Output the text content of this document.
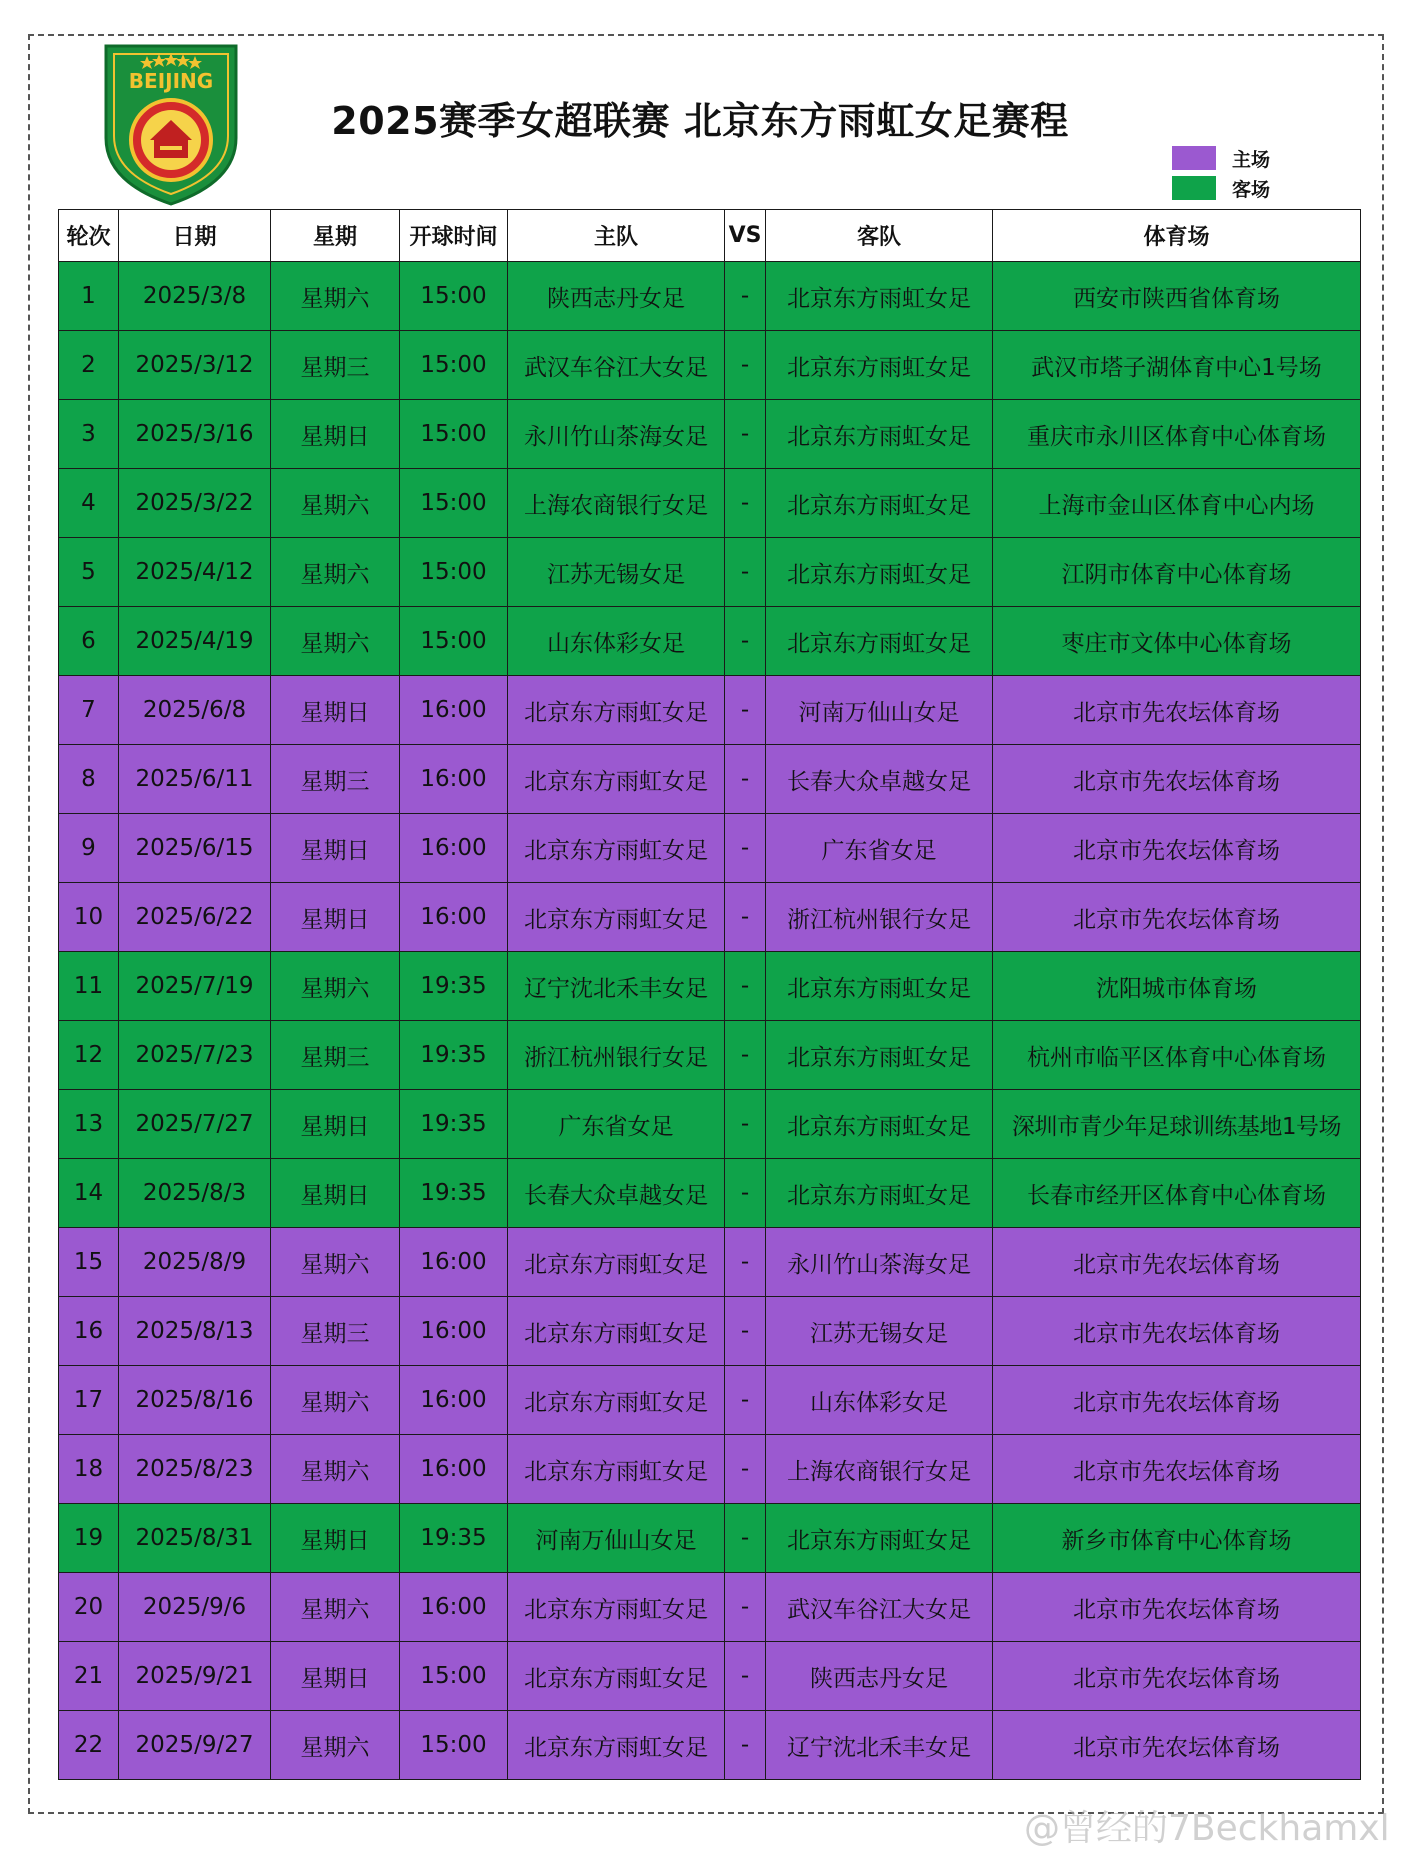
BEIJING
2025赛季女超联赛 北京东方雨虹女足赛程
主场
客场
轮次	日期	星期	开球时间	主队	VS	客队	体育场
1	2025/3/8	星期六	15:00	陕西志丹女足	-	北京东方雨虹女足	西安市陕西省体育场
2	2025/3/12	星期三	15:00	武汉车谷江大女足	-	北京东方雨虹女足	武汉市塔子湖体育中心1号场
3	2025/3/16	星期日	15:00	永川竹山茶海女足	-	北京东方雨虹女足	重庆市永川区体育中心体育场
4	2025/3/22	星期六	15:00	上海农商银行女足	-	北京东方雨虹女足	上海市金山区体育中心内场
5	2025/4/12	星期六	15:00	江苏无锡女足	-	北京东方雨虹女足	江阴市体育中心体育场
6	2025/4/19	星期六	15:00	山东体彩女足	-	北京东方雨虹女足	枣庄市文体中心体育场
7	2025/6/8	星期日	16:00	北京东方雨虹女足	-	河南万仙山女足	北京市先农坛体育场
8	2025/6/11	星期三	16:00	北京东方雨虹女足	-	长春大众卓越女足	北京市先农坛体育场
9	2025/6/15	星期日	16:00	北京东方雨虹女足	-	广东省女足	北京市先农坛体育场
10	2025/6/22	星期日	16:00	北京东方雨虹女足	-	浙江杭州银行女足	北京市先农坛体育场
11	2025/7/19	星期六	19:35	辽宁沈北禾丰女足	-	北京东方雨虹女足	沈阳城市体育场
12	2025/7/23	星期三	19:35	浙江杭州银行女足	-	北京东方雨虹女足	杭州市临平区体育中心体育场
13	2025/7/27	星期日	19:35	广东省女足	-	北京东方雨虹女足	深圳市青少年足球训练基地1号场
14	2025/8/3	星期日	19:35	长春大众卓越女足	-	北京东方雨虹女足	长春市经开区体育中心体育场
15	2025/8/9	星期六	16:00	北京东方雨虹女足	-	永川竹山茶海女足	北京市先农坛体育场
16	2025/8/13	星期三	16:00	北京东方雨虹女足	-	江苏无锡女足	北京市先农坛体育场
17	2025/8/16	星期六	16:00	北京东方雨虹女足	-	山东体彩女足	北京市先农坛体育场
18	2025/8/23	星期六	16:00	北京东方雨虹女足	-	上海农商银行女足	北京市先农坛体育场
19	2025/8/31	星期日	19:35	河南万仙山女足	-	北京东方雨虹女足	新乡市体育中心体育场
20	2025/9/6	星期六	16:00	北京东方雨虹女足	-	武汉车谷江大女足	北京市先农坛体育场
21	2025/9/21	星期日	15:00	北京东方雨虹女足	-	陕西志丹女足	北京市先农坛体育场
22	2025/9/27	星期六	15:00	北京东方雨虹女足	-	辽宁沈北禾丰女足	北京市先农坛体育场
@曾经的7Beckhamxl
